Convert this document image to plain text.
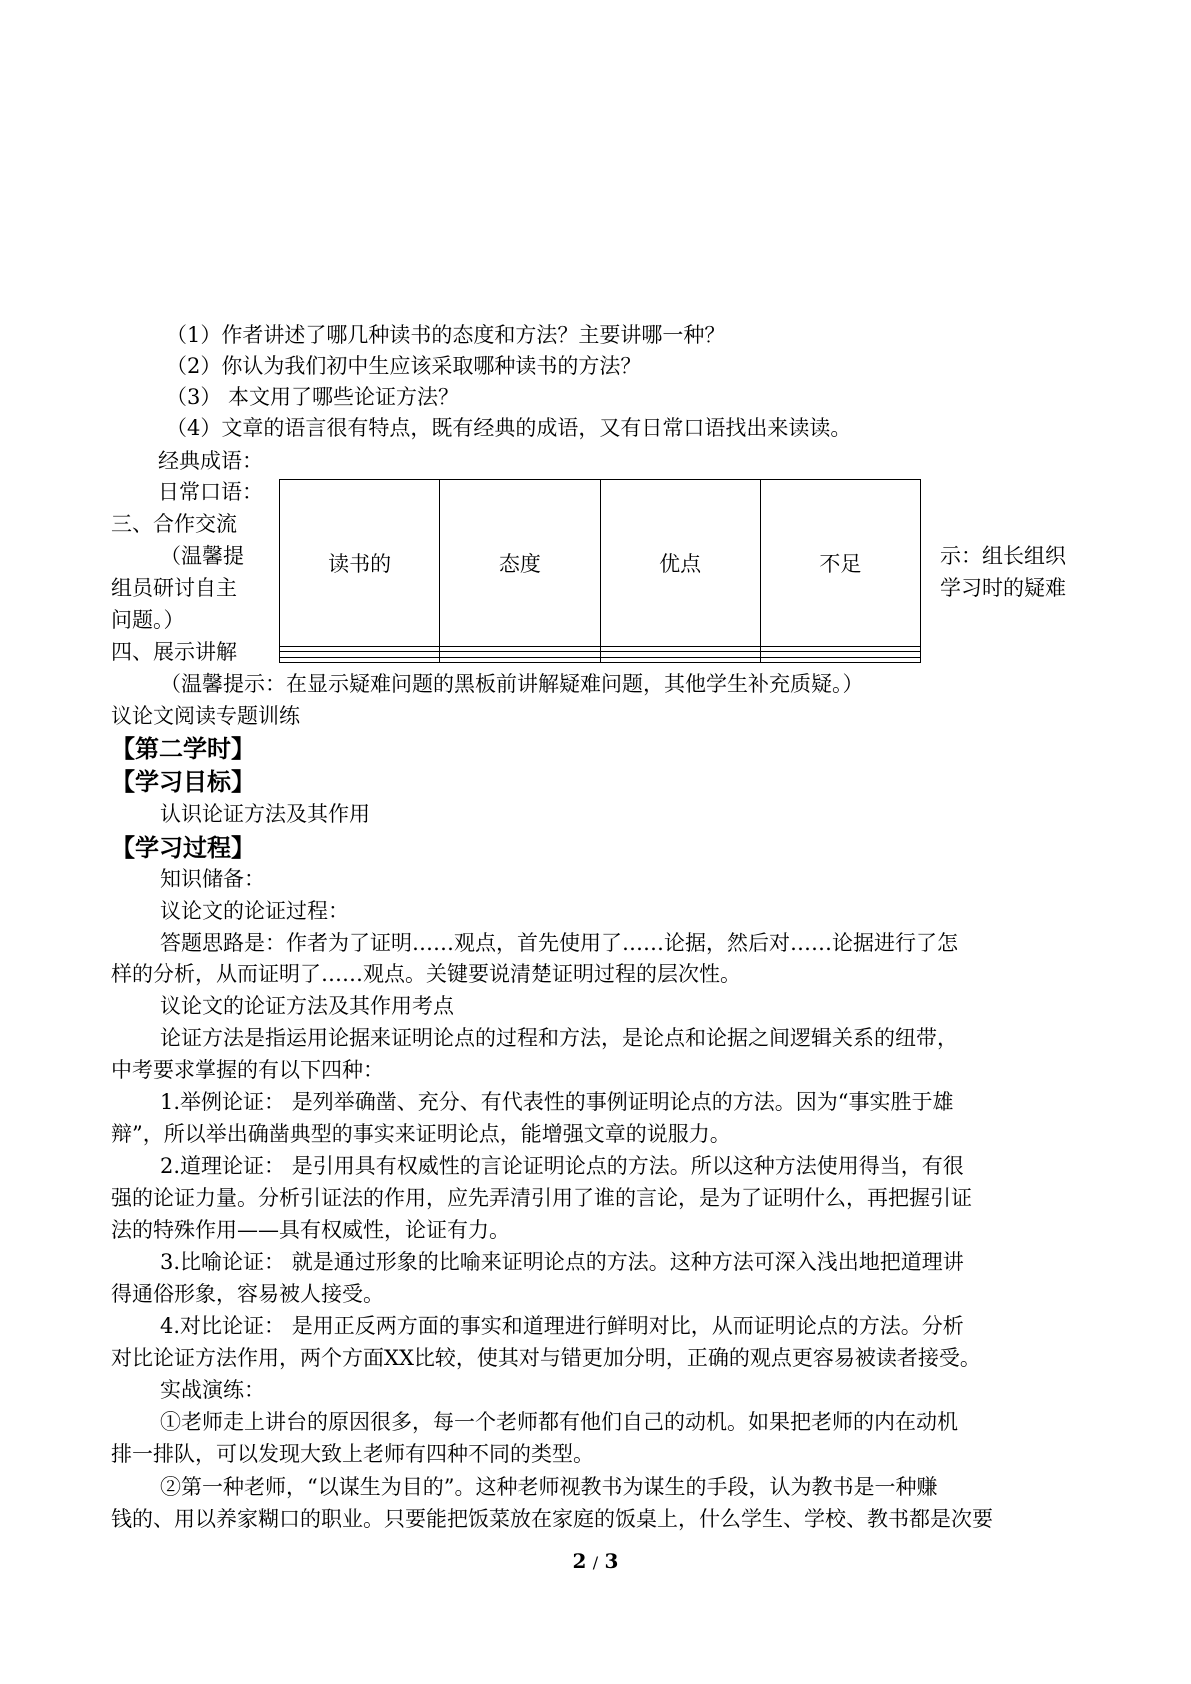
（1）作者讲述了哪几种读书的态度和方法？主要讲哪一种？
（2）你认为我们初中生应该采取哪种读书的方法？
（3） 本文用了哪些论证方法？
（4）文章的语言很有特点，既有经典的成语，又有日常口语找出来读读。
经典成语：
日常口语：
三、合作交流
（温馨提
组员研讨自主
问题。）
示：组长组织
学习时的疑难
四、展示讲解
（温馨提示：在显示疑难问题的黑板前讲解疑难问题，其他学生补充质疑。）
读书的	态度	优点	不足

议论文阅读专题训练
【第二学时】
【学习目标】
认识论证方法及其作用
【学习过程】
知识储备：
议论文的论证过程：
答题思路是：作者为了证明……观点，首先使用了……论据，然后对……论据进行了怎
样的分析，从而证明了……观点。关键要说清楚证明过程的层次性。
议论文的论证方法及其作用考点
论证方法是指运用论据来证明论点的过程和方法，是论点和论据之间逻辑关系的纽带，
中考要求掌握的有以下四种：
1.举例论证： 是列举确凿、充分、有代表性的事例证明论点的方法。因为“事实胜于雄
辩”，所以举出确凿典型的事实来证明论点，能增强文章的说服力。
2.道理论证： 是引用具有权威性的言论证明论点的方法。所以这种方法使用得当，有很
强的论证力量。分析引证法的作用，应先弄清引用了谁的言论，是为了证明什么，再把握引证
法的特殊作用——具有权威性，论证有力。
3.比喻论证： 就是通过形象的比喻来证明论点的方法。这种方法可深入浅出地把道理讲
得通俗形象，容易被人接受。
4.对比论证： 是用正反两方面的事实和道理进行鲜明对比，从而证明论点的方法。分析
对比论证方法作用，两个方面XX比较，使其对与错更加分明，正确的观点更容易被读者接受。
实战演练：
①老师走上讲台的原因很多，每一个老师都有他们自己的动机。如果把老师的内在动机
排一排队，可以发现大致上老师有四种不同的类型。
②第一种老师，“以谋生为目的”。这种老师视教书为谋生的手段，认为教书是一种赚
钱的、用以养家糊口的职业。只要能把饭菜放在家庭的饭桌上，什么学生、学校、教书都是次要
2 / 3
